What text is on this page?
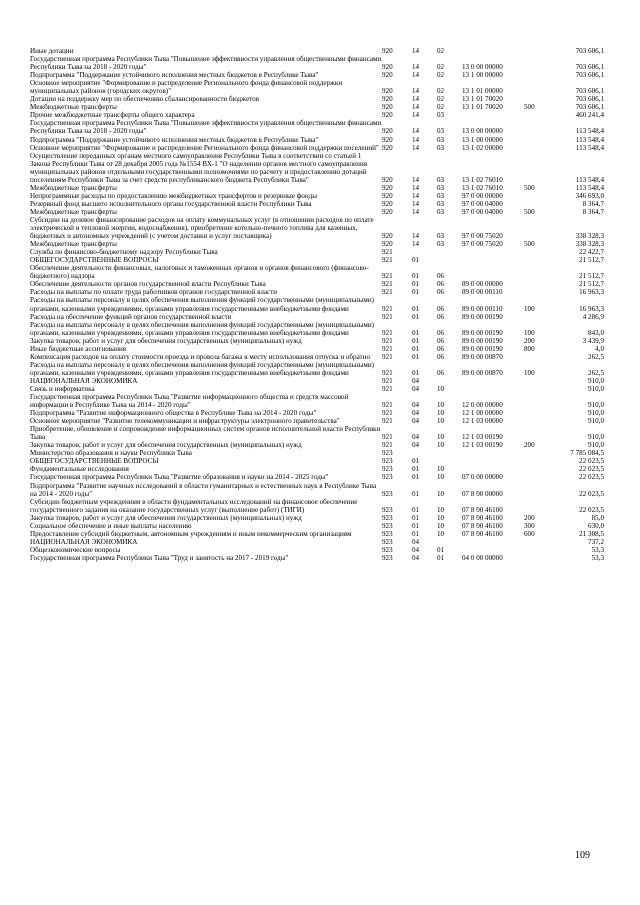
Иные дотации	920	14	02			703 606,1
Государственная программа Республики Тыва "Повышение эффективности управления общественными финансами Республики Тыва на 2018 - 2020 годы"	920	14	02	13 0 00 00000		703 606,1
Подпрограмма "Поддержание устойчивого исполнения местных бюджетов в Республике Тыва"	920	14	02	13 1 00 00000		703 606,1
Основное мероприятие "Формирование и распределение Регионального фонда финансовой поддержки муниципальных районов (городских округов)"	920	14	02	13 1 01 00000		703 606,1
Дотации на поддержку мер по обеспечению сбалансированности бюджетов	920	14	02	13 1 01 70020		703 606,1
Межбюджетные трансферты	920	14	02	13 1 01 70020	500	703 606,1
Прочие межбюджетные трансферты общего характера	920	14	03			460 241,4
Государственная программа Республики Тыва "Повышение эффективности управления общественными финансами Республики Тыва на 2018 - 2020 годы"	920	14	03	13 0 00 00000		113 548,4
Подпрограмма "Поддержание устойчивого исполнения местных бюджетов в Республике Тыва"	920	14	03	13 1 00 00000		113 548,4
Основное мероприятие "Формирование и распределение Регионального фонда финансовой поддержки поселений"	920	14	03	13 1 02 00000		113 548,4
Осуществление переданных органам местного самоуправления Республики Тыва в соответствии со статьей 1 Закона Республики Тыва от 28 декабря 2005 года №1554 ВХ-1 "О наделении органов местного самоуправления муниципальных районов отдельными государственными полномочиями по расчету и предоставлению дотаций поселениям Республики Тыва за счет средств республиканского бюджета Республики Тыва"	920	14	03	13 1 02 76010		113 548,4
Межбюджетные трансферты	920	14	03	13 1 02 76010	500	113 548,4
Непрограммные расходы по предоставлению межбюджетных трансфертов и резервные фонды	920	14	03	97 0 00 00000		346 693,0
Резервный фонд высшего исполнительного органа государственной власти Республики Тыва	920	14	03	97 0 00 04000		8 364,7
Межбюджетные трансферты	920	14	03	97 0 00 04000	500	8 364,7
Субсидии на долевое финансирование расходов на оплату коммунальных услуг (в отношении расходов по оплате электрической и тепловой энергии, водоснабжения), приобретение котельно-печного топлива для казенных, бюджетных и автономных учреждений (с учетом доставки и услуг поставщика)	920	14	03	97 0 00 75020		338 328,3
Межбюджетные трансферты	920	14	03	97 0 00 75020	500	338 328,3
Служба по финансово-бюджетному надзору Республики Тыва	921					22 422,7
ОБЩЕГОСУДАРСТВЕННЫЕ ВОПРОСЫ	921	01				21 512,7
Обеспечение деятельности финансовых, налоговых и таможенных органов и органов финансового (финансово-бюджетного) надзора	921	01	06			21 512,7
Обеспечение деятельности органов государственной власти Республики Тыва	921	01	06	89 0 00 00000		21 512,7
Расходы на выплаты по оплате труда работников органов государственной власти	921	01	06	89 0 00 00110		16 963,3
Расходы на выплаты персоналу в целях обеспечения выполнения функций государственными (муниципальными) органами, казенными учреждениями, органами управления государственными внебюджетными фондами	921	01	06	89 0 00 00110	100	16 963,3
Расходы на обеспечение функций органов государственной власти	921	01	06	89 0 00 00190		4 286,9
Расходы на выплаты персоналу в целях обеспечения выполнения функций государственными (муниципальными) органами, казенными учреждениями, органами управления государственными внебюджетными фондами	921	01	06	89 0 00 00190	100	843,0
Закупка товаров, работ и услуг для обеспечения государственных (муниципальных) нужд	921	01	06	89 0 00 00190	200	3 439,9
Иные бюджетные ассигнования	921	01	06	89 0 00 00190	800	4,0
Компенсация расходов на оплату стоимости проезда и провоза багажа к месту использования отпуска и обратно	921	01	06	89 0 00 00870		262,5
Расходы на выплаты персоналу в целях обеспечения выполнения функций государственными (муниципальными) органами, казенными учреждениями, органами управления государственными внебюджетными фондами	921	01	06	89 0 00 00870	100	262,5
НАЦИОНАЛЬНАЯ ЭКОНОМИКА	921	04				910,0
Связь и информатика	921	04	10			910,0
Государственная программа Республики Тыва "Развитие информационного общества и средств массовой информации в Республике Тыва на 2014 - 2020 годы"	921	04	10	12 0 00 00000		910,0
Подпрограмма "Развитие информационного общества в Республике Тыва на 2014 - 2020 годы"	921	04	10	12 1 00 00000		910,0
Основное мероприятие "Развитие телекоммуникации и инфраструктуры электронного правительства"	921	04	10	12 1 03 00000		910,0
Приобретение, обновление и сопровождение информационных систем органов исполнительной власти Республики Тыва	921	04	10	12 1 03 00190		910,0
Закупка товаров, работ и услуг для обеспечения государственных (муниципальных) нужд	921	04	10	12 1 03 00190	200	910,0
Министерство образования и науки Республики Тыва	923					7 785 084,5
ОБЩЕГОСУДАРСТВЕННЫЕ ВОПРОСЫ	923	01				22 023,5
Фундаментальные исследования	923	01	10			22 023,5
Государственная программа Республики Тыва "Развитие образования и науки на 2014 - 2025 годы"	923	01	10	07 0 00 00000		22 023,5
Подпрограмма "Развитие научных исследований в области гуманитарных и естественных наук в Республике Тыва на 2014 - 2020 годы"	923	01	10	07 8 00 00000		22 023,5
Субсидии бюджетным учреждениям в области фундаментальных исследований на финансовое обеспечение государственного задания на оказание государственных услуг (выполнение работ) (ТИГИ)	923	01	10	07 8 00 46100		22 023,5
Закупка товаров, работ и услуг для обеспечения государственных (муниципальных) нужд	923	01	10	07 8 00 46100	200	85,0
Социальное обеспечение и иные выплаты населению	923	01	10	07 8 00 46100	300	630,0
Предоставление субсидий бюджетным, автономным учреждениям и иным некоммерческим организациям	923	01	10	07 8 00 46100	600	21 308,5
НАЦИОНАЛЬНАЯ ЭКОНОМИКА	923	04				737,2
Общеэкономические вопросы	923	04	01			53,3
Государственная программа Республики Тыва "Труд и занятость на 2017 - 2019 годы"	923	04	01	04 0 00 00000		53,3
109
